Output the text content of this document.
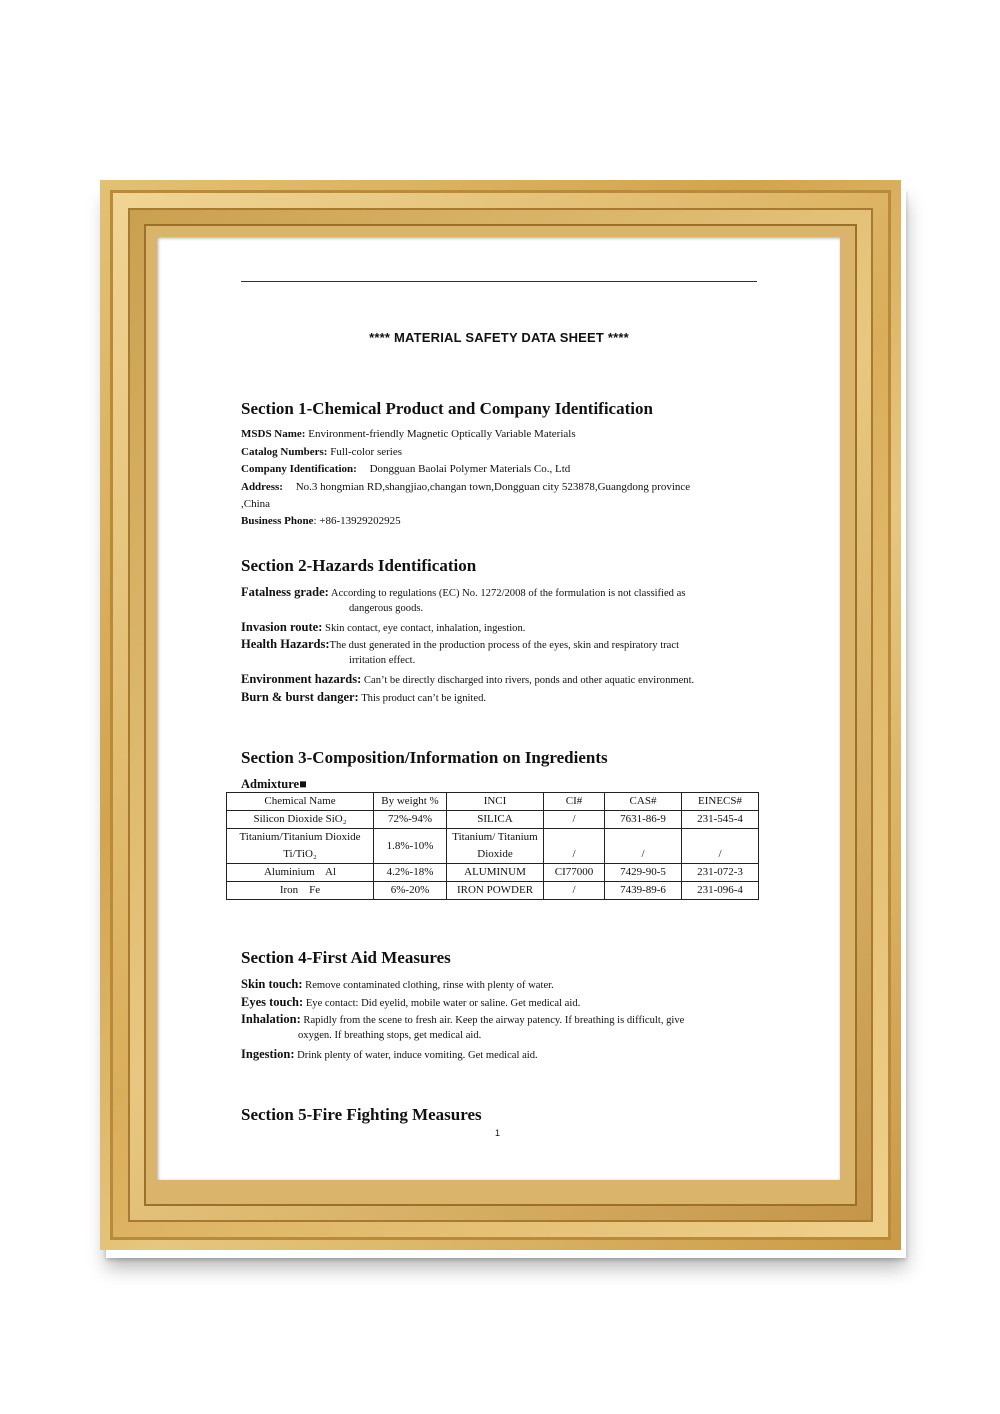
**** MATERIAL SAFETY DATA SHEET ****
Section 1-Chemical Product and Company Identification
MSDS Name: Environment-friendly Magnetic Optically Variable Materials
Catalog Numbers: Full-color series
Company Identification: Dongguan Baolai Polymer Materials Co., Ltd
Address: No.3 hongmian RD,shangjiao,changan town,Dongguan city 523878,Guangdong province
,China
Business Phone: +86-13929202925
Section 2-Hazards Identification
Fatalness grade: According to regulations (EC) No. 1272/2008 of the formulation is not classified as
dangerous goods.
Invasion route: Skin contact, eye contact, inhalation, ingestion.
Health Hazards:The dust generated in the production process of the eyes, skin and respiratory tract
irritation effect.
Environment hazards: Can’t be directly discharged into rivers, ponds and other aquatic environment.
Burn & burst danger: This product can’t be ignited.
Section 3-Composition/Information on Ingredients
Admixture■
Chemical Name	By weight %	INCI	CI#	CAS#	EINECS#
Silicon Dioxide SiO₂	72%-94%	SILICA	/	7631-86-9	231-545-4
Titanium/Titanium Dioxide Ti/TiO₂	1.8%-10%	Titanium/ Titanium Dioxide	/	/	/
Aluminium    Al	4.2%-18%	ALUMINUM	CI77000	7429-90-5	231-072-3
Iron    Fe	6%-20%	IRON POWDER	/	7439-89-6	231-096-4
Section 4-First Aid Measures
Skin touch: Remove contaminated clothing, rinse with plenty of water.
Eyes touch: Eye contact: Did eyelid, mobile water or saline. Get medical aid.
Inhalation: Rapidly from the scene to fresh air. Keep the airway patency. If breathing is difficult, give
oxygen. If breathing stops, get medical aid.
Ingestion: Drink plenty of water, induce vomiting. Get medical aid.
Section 5-Fire Fighting Measures
1
